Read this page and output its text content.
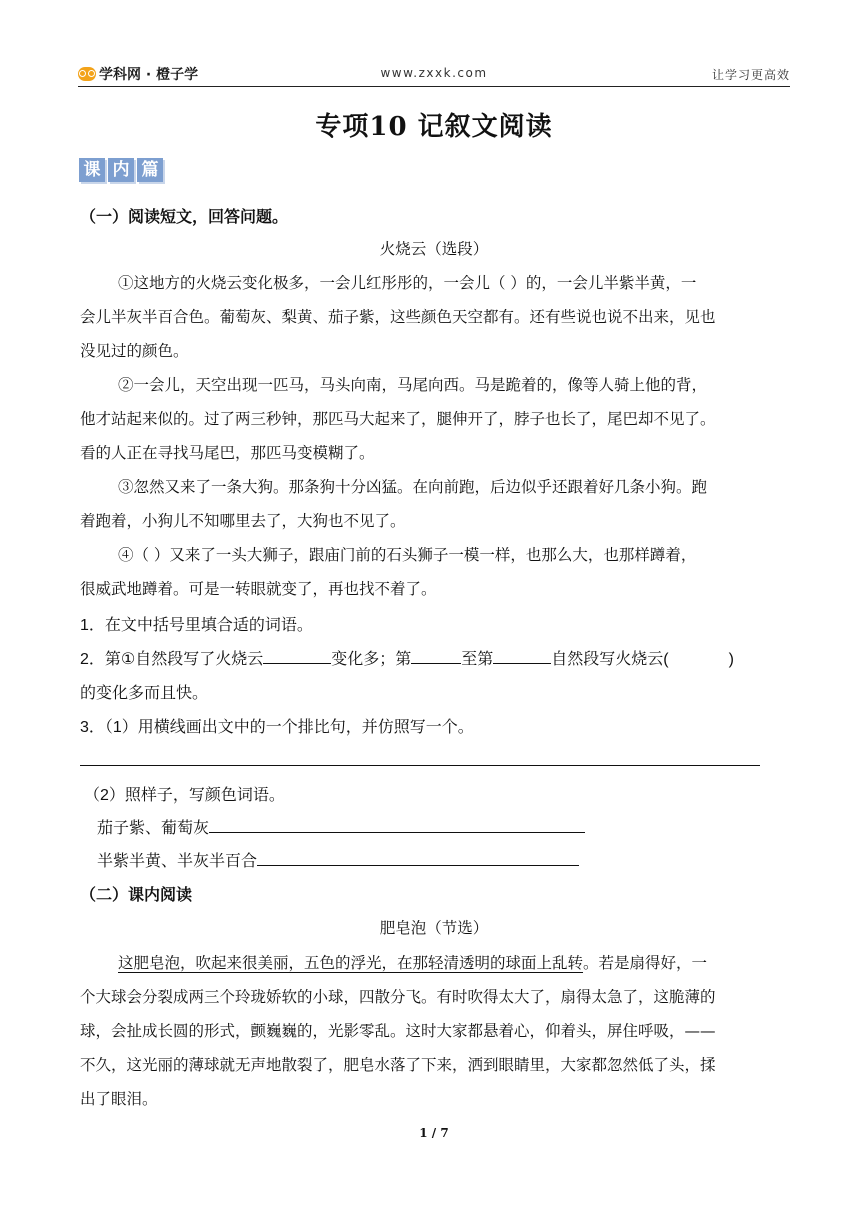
学科网 · 橙子学	www.zxxk.com	让学习更高效
专项10 记叙文阅读
课 内 篇
（一）阅读短文，回答问题。
火烧云（选段）
①这地方的火烧云变化极多，一会儿红彤彤的，一会儿（ ）的，一会儿半紫半黄，一
会儿半灰半百合色。葡萄灰、梨黄、茄子紫，这些颜色天空都有。还有些说也说不出来，见也
没见过的颜色。
②一会儿，天空出现一匹马，马头向南，马尾向西。马是跪着的，像等人骑上他的背，
他才站起来似的。过了两三秒钟，那匹马大起来了，腿伸开了，脖子也长了，尾巴却不见了。
看的人正在寻找马尾巴，那匹马变模糊了。
③忽然又来了一条大狗。那条狗十分凶猛。在向前跑，后边似乎还跟着好几条小狗。跑
着跑着，小狗儿不知哪里去了，大狗也不见了。
④（ ）又来了一头大狮子，跟庙门前的石头狮子一模一样，也那么大，也那样蹲着，
很威武地蹲着。可是一转眼就变了，再也找不着了。
1．在文中括号里填合适的词语。
2．第①自然段写了火烧云	变化多；第	至第	自然段写火烧云(	)
的变化多而且快。
3．（1）用横线画出文中的一个排比句，并仿照写一个。
（2）照样子，写颜色词语。
茄子紫、葡萄灰
半紫半黄、半灰半百合
（二）课内阅读
肥皂泡（节选）
这肥皂泡，吹起来很美丽，五色的浮光，在那轻清透明的球面上乱转。若是扇得好，一
个大球会分裂成两三个玲珑娇软的小球，四散分飞。有时吹得太大了，扇得太急了，这脆薄的
球，会扯成长圆的形式，颤巍巍的，光影零乱。这时大家都悬着心，仰着头，屏住呼吸，——
不久，这光丽的薄球就无声地散裂了，肥皂水落了下来，洒到眼睛里，大家都忽然低了头，揉
出了眼泪。
1 / 7
